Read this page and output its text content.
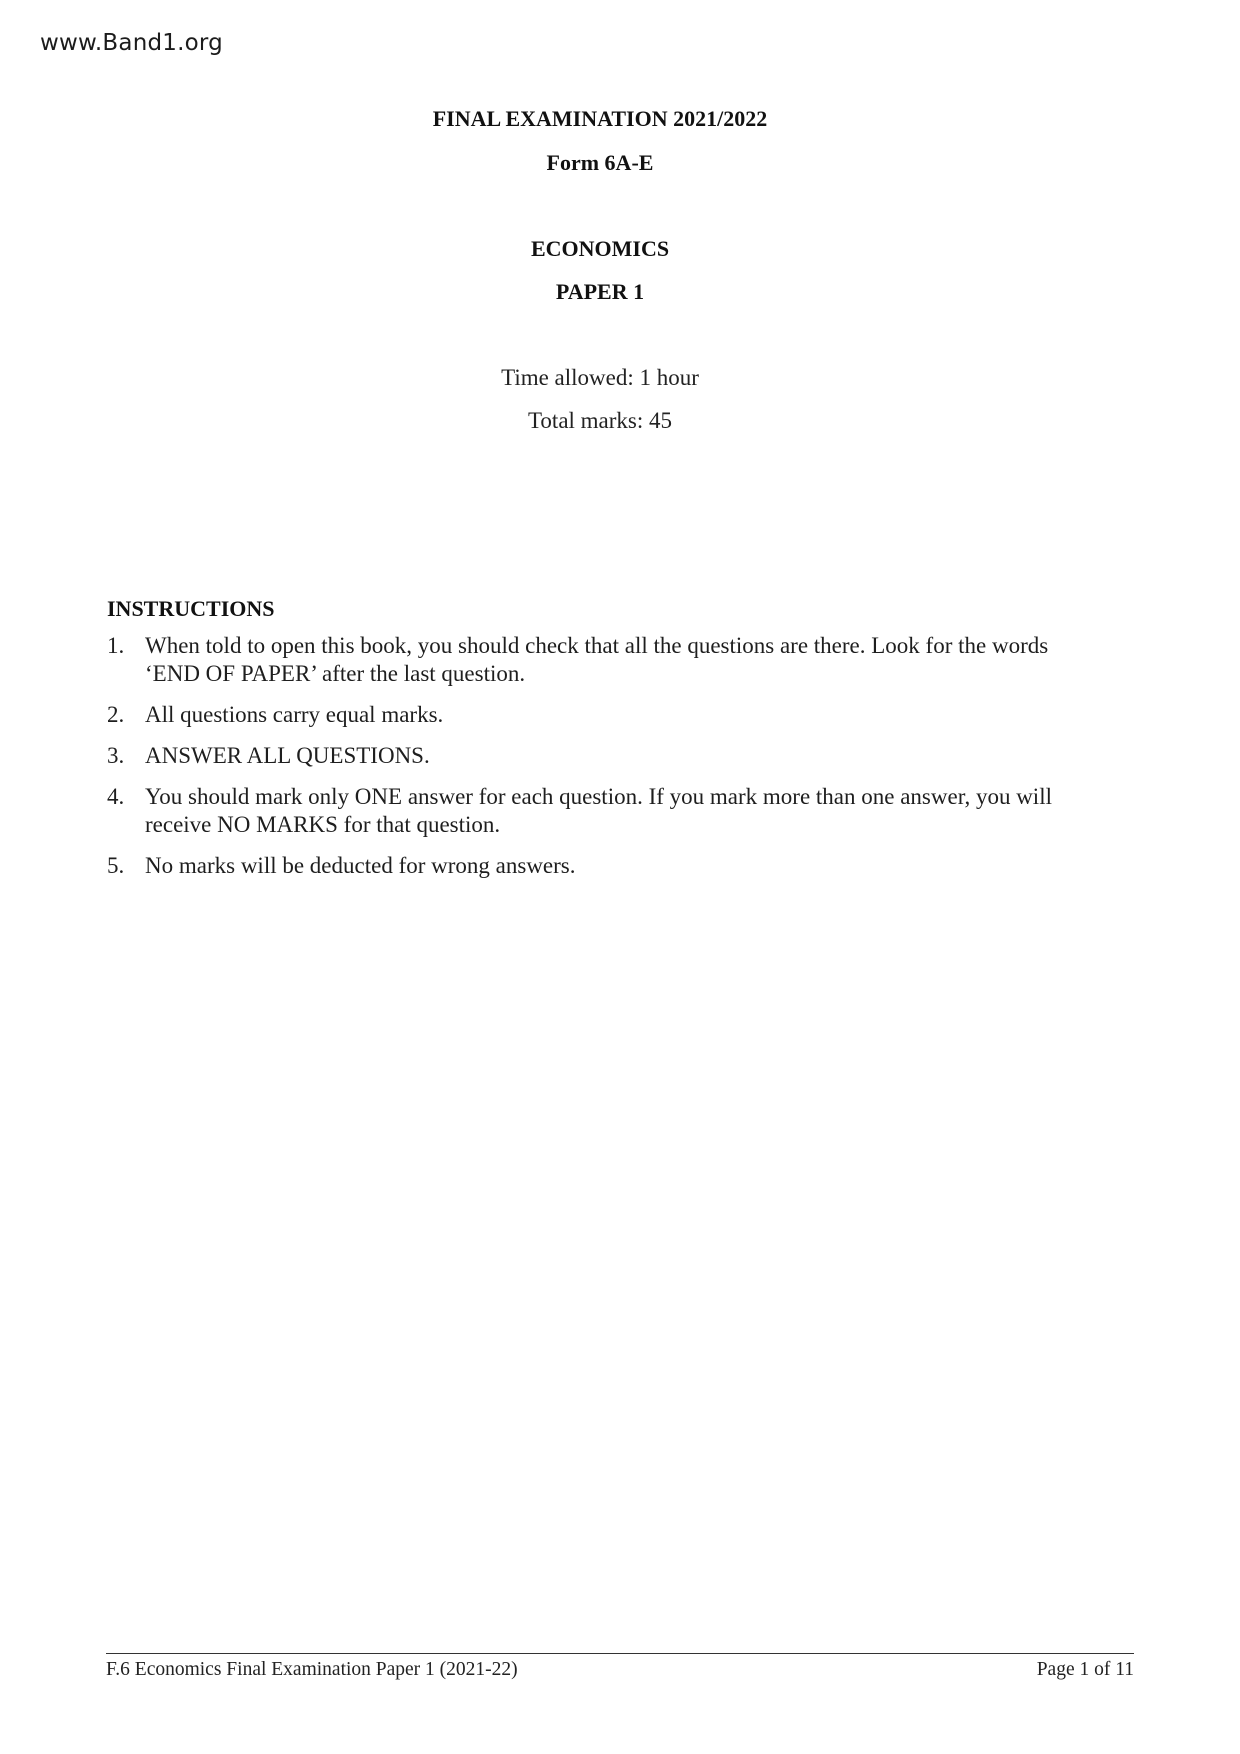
www.Band1.org
FINAL EXAMINATION 2021/2022
Form 6A-E
ECONOMICS
PAPER 1
Time allowed: 1 hour
Total marks: 45
INSTRUCTIONS
1. When told to open this book, you should check that all the questions are there. Look for the words ‘END OF PAPER’ after the last question.
2. All questions carry equal marks.
3. ANSWER ALL QUESTIONS.
4. You should mark only ONE answer for each question. If you mark more than one answer, you will receive NO MARKS for that question.
5. No marks will be deducted for wrong answers.
F.6 Economics Final Examination Paper 1 (2021-22)	Page 1 of 11
